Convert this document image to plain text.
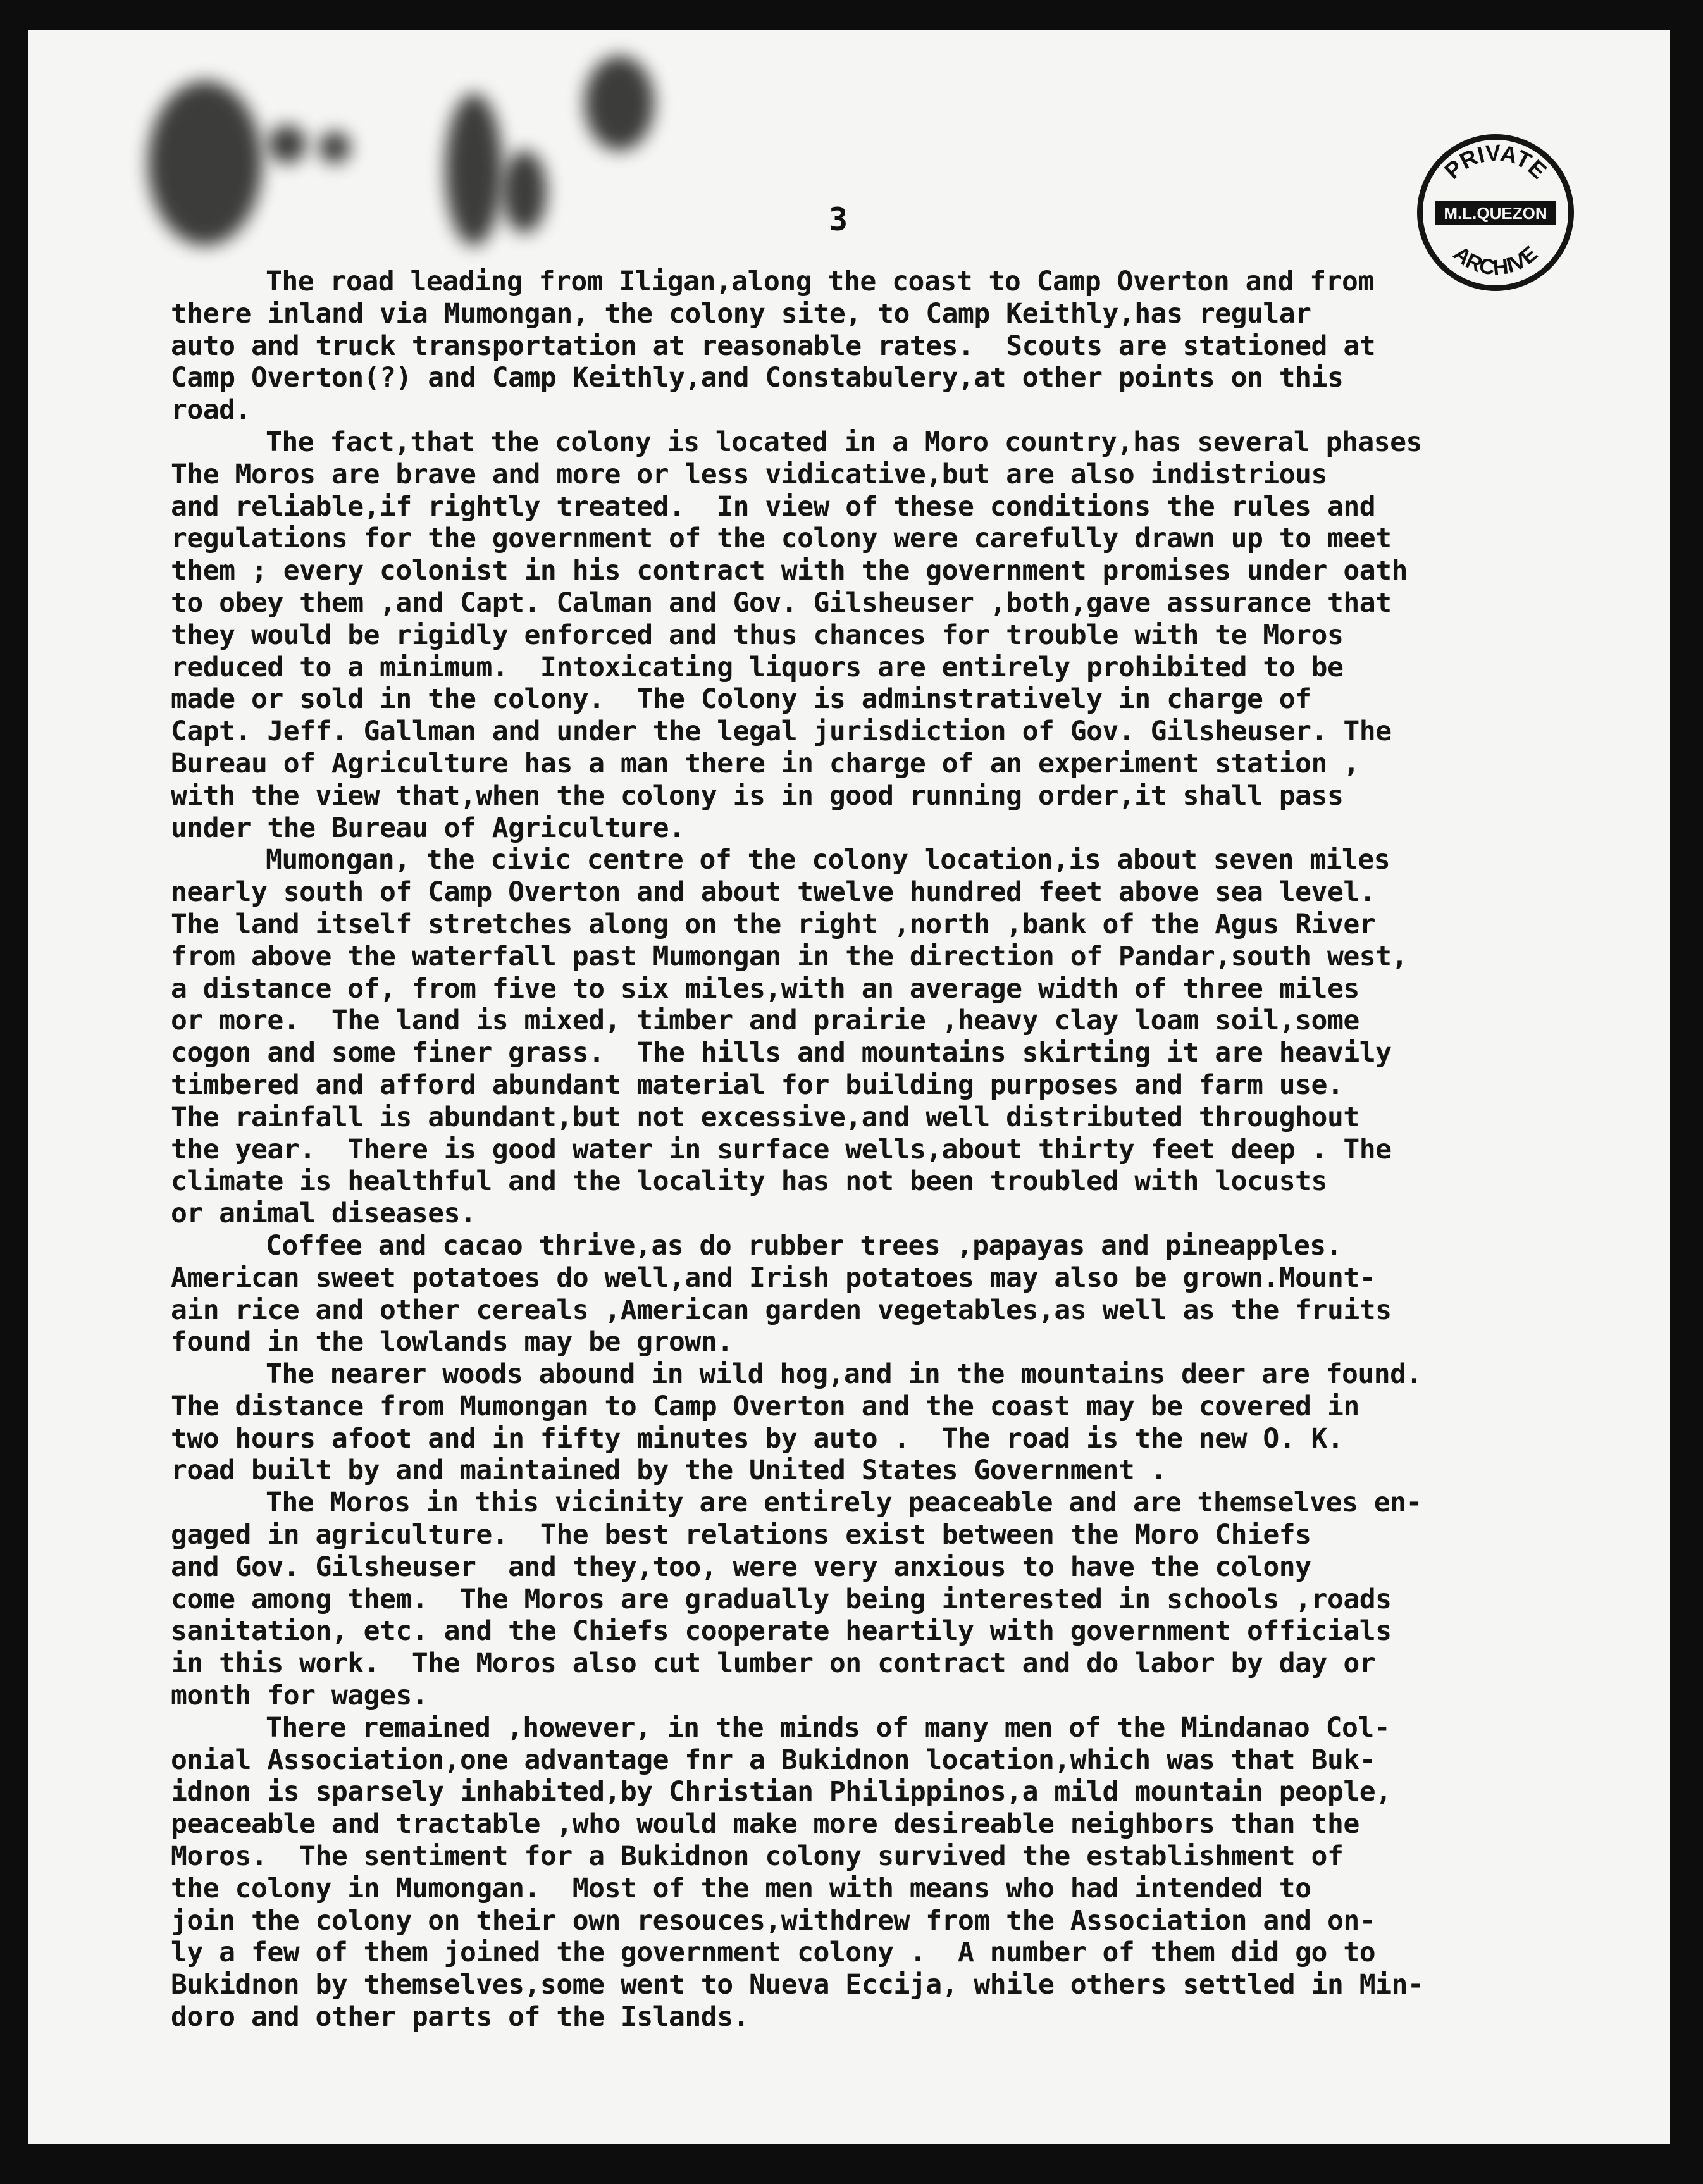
PRIVATE
M.L.QUEZON
ARCHIVE
3
The road leading from Iligan,along the coast to Camp Overton and from
there inland via Mumongan, the colony site, to Camp Keithly,has regular
auto and truck transportation at reasonable rates.  Scouts are stationed at
Camp Overton(?) and Camp Keithly,and Constabulery,at other points on this
road.
The fact,that the colony is located in a Moro country,has several phases
The Moros are brave and more or less vidicative,but are also indistrious
and reliable,if rightly treated.  In view of these conditions the rules and
regulations for the government of the colony were carefully drawn up to meet
them ; every colonist in his contract with the government promises under oath
to obey them ,and Capt. Calman and Gov. Gilsheuser ,both,gave assurance that
they would be rigidly enforced and thus chances for trouble with te Moros
reduced to a minimum.  Intoxicating liquors are entirely prohibited to be
made or sold in the colony.  The Colony is adminstratively in charge of
Capt. Jeff. Gallman and under the legal jurisdiction of Gov. Gilsheuser. The
Bureau of Agriculture has a man there in charge of an experiment station ,
with the view that,when the colony is in good running order,it shall pass
under the Bureau of Agriculture.
Mumongan, the civic centre of the colony location,is about seven miles
nearly south of Camp Overton and about twelve hundred feet above sea level.
The land itself stretches along on the right ,north ,bank of the Agus River
from above the waterfall past Mumongan in the direction of Pandar,south west,
a distance of, from five to six miles,with an average width of three miles
or more.  The land is mixed, timber and prairie ,heavy clay loam soil,some
cogon and some finer grass.  The hills and mountains skirting it are heavily
timbered and afford abundant material for building purposes and farm use.
The rainfall is abundant,but not excessive,and well distributed throughout
the year.  There is good water in surface wells,about thirty feet deep . The
climate is healthful and the locality has not been troubled with locusts
or animal diseases.
Coffee and cacao thrive,as do rubber trees ,papayas and pineapples.
American sweet potatoes do well,and Irish potatoes may also be grown.Mount-
ain rice and other cereals ,American garden vegetables,as well as the fruits
found in the lowlands may be grown.
The nearer woods abound in wild hog,and in the mountains deer are found.
The distance from Mumongan to Camp Overton and the coast may be covered in
two hours afoot and in fifty minutes by auto .  The road is the new O. K.
road built by and maintained by the United States Government .
The Moros in this vicinity are entirely peaceable and are themselves en-
gaged in agriculture.  The best relations exist between the Moro Chiefs
and Gov. Gilsheuser  and they,too, were very anxious to have the colony
come among them.  The Moros are gradually being interested in schools ,roads
sanitation, etc. and the Chiefs cooperate heartily with government officials
in this work.  The Moros also cut lumber on contract and do labor by day or
month for wages.
There remained ,however, in the minds of many men of the Mindanao Col-
onial Association,one advantage fnr a Bukidnon location,which was that Buk-
idnon is sparsely inhabited,by Christian Philippinos,a mild mountain people,
peaceable and tractable ,who would make more desireable neighbors than the
Moros.  The sentiment for a Bukidnon colony survived the establishment of
the colony in Mumongan.  Most of the men with means who had intended to
join the colony on their own resouces,withdrew from the Association and on-
ly a few of them joined the government colony .  A number of them did go to
Bukidnon by themselves,some went to Nueva Eccija, while others settled in Min-
doro and other parts of the Islands.
